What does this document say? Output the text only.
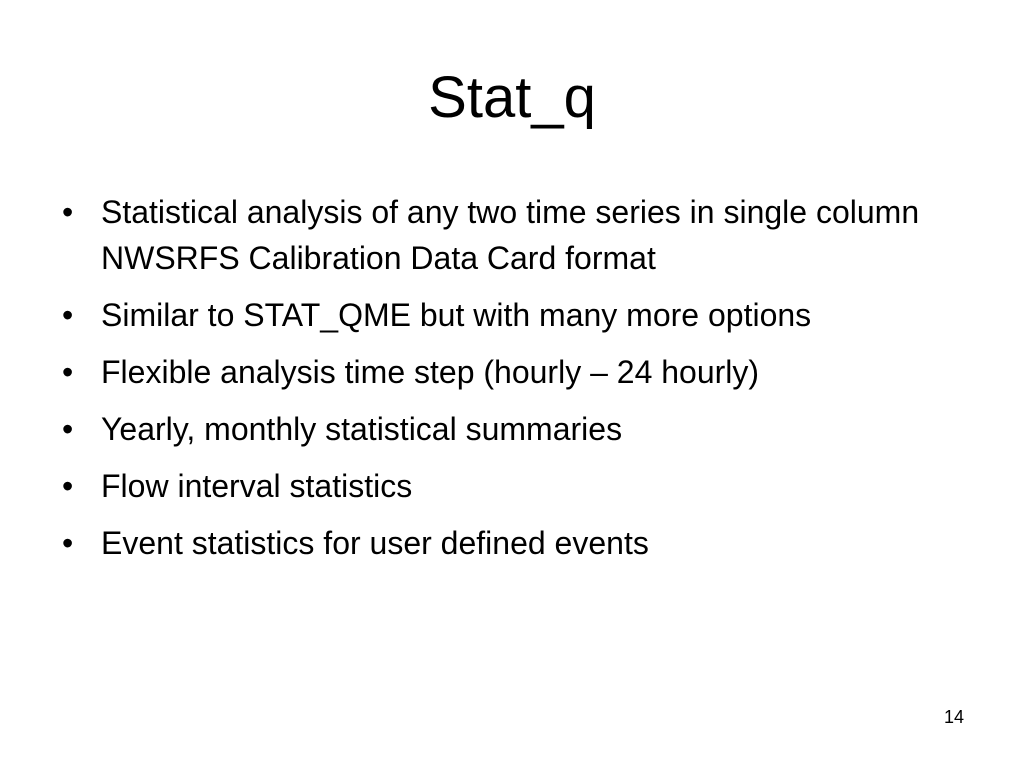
Stat_q
• Statistical analysis of any two time series in single column NWSRFS Calibration Data Card format
• Similar to STAT_QME but with many more options
• Flexible analysis time step (hourly – 24 hourly)
• Yearly, monthly statistical summaries
• Flow interval statistics
• Event statistics for user defined events
14
